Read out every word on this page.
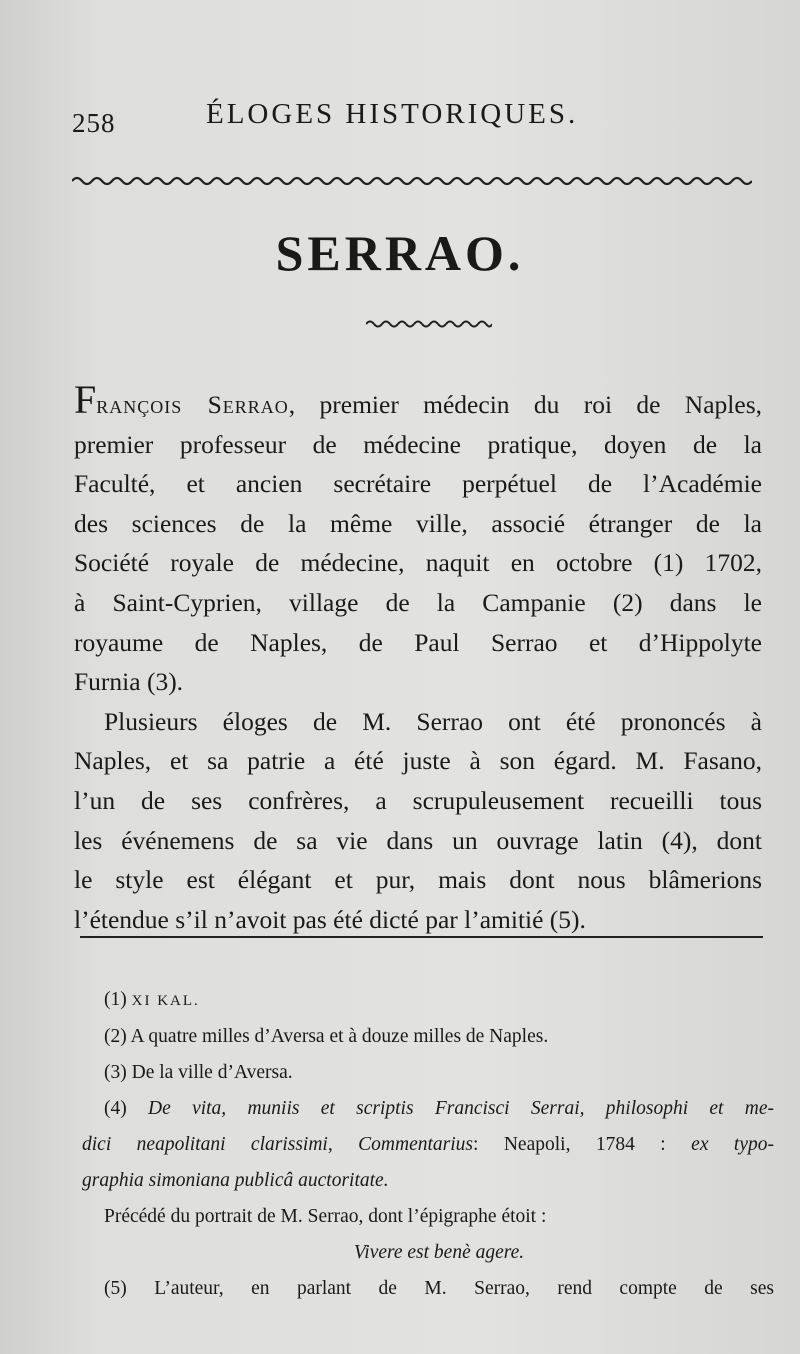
258	ÉLOGES HISTORIQUES.
SERRAO.

François Serrao, premier médecin du roi de Naples,

premier professeur de médecine pratique, doyen de la

Faculté, et ancien secrétaire perpétuel de l’Académie

des sciences de la même ville, associé étranger de la

Société royale de médecine, naquit en octobre (1) 1702,

à Saint-Cyprien, village de la Campanie (2) dans le

royaume de Naples, de Paul Serrao et d’Hippolyte

Furnia (3).

Plusieurs éloges de M. Serrao ont été prononcés à

Naples, et sa patrie a été juste à son égard. M. Fasano,

l’un de ses confrères, a scrupuleusement recueilli tous

les événemens de sa vie dans un ouvrage latin (4), dont

le style est élégant et pur, mais dont nous blâmerions

l’étendue s’il n’avoit pas été dicté par l’amitié (5).

(1) XI KAL.

(2) A quatre milles d’Aversa et à douze milles de Naples.

(3) De la ville d’Aversa.

(4) De vita, muniis et scriptis Francisci Serrai, philosophi et me-

dici neapolitani clarissimi, Commentarius: Neapoli, 1784 : ex typo-

graphia simoniana publicâ auctoritate.

Précédé du portrait de M. Serrao, dont l’épigraphe étoit :

Vivere est benè agere.

(5) L’auteur, en parlant de M. Serrao, rend compte de ses
